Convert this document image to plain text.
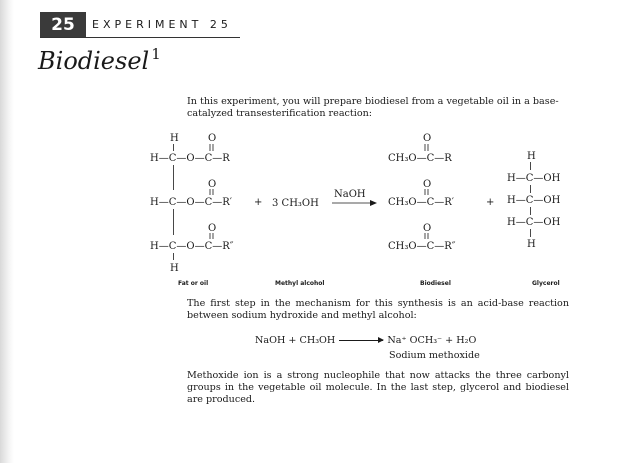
25	EXPERIMENT 25
Biodiesel $^1$
In this experiment, you will prepare biodiesel from a vegetable oil in a base-catalyzed transesterification reaction:
H	O
H—C—O—C—R
O
H—C—O—C—R′
O
H—C—O—C—R″
H
+ 3 CH₃OH
NaOH
O
CH₃O—C—R
O
CH₃O—C—R′
O
CH₃O—C—R″
+
H
H—C—OH
H—C—OH
H—C—OH
H
Fat or oil	Methyl alcohol	Biodiesel	Glycerol
The first step in the mechanism for this synthesis is an acid-base reaction between sodium hydroxide and methyl alcohol:
NaOH + CH₃OH	Na⁺ OCH₃⁻ + H₂O
Sodium methoxide
Methoxide ion is a strong nucleophile that now attacks the three carbonyl groups in the vegetable oil molecule. In the last step, glycerol and biodiesel are produced.
